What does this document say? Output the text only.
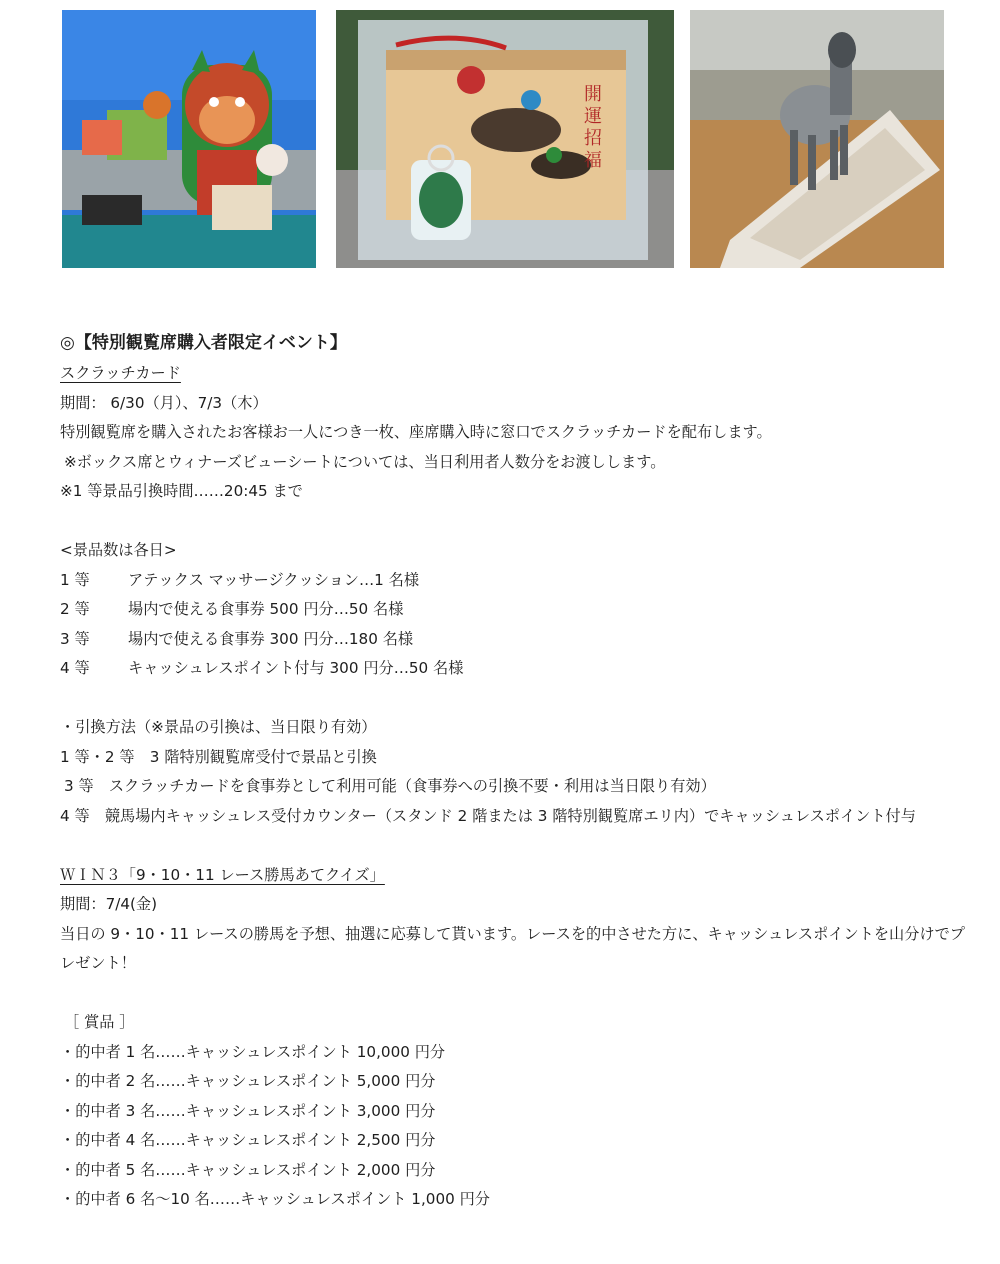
開
運
招
福
◎【特別観覧席購入者限定イベント】
スクラッチカード
期間： 6/30（月）、7/3（木）
特別観覧席を購入されたお客様お一人につき一枚、座席購入時に窓口でスクラッチカードを配布します。
※ボックス席とウィナーズビューシートについては、当日利用者人数分をお渡しします。
※1 等景品引換時間……20:45 まで
<景品数は各日>
1 等	アテックス マッサージクッション…1 名様
2 等	場内で使える食事券 500 円分…50 名様
3 等	場内で使える食事券 300 円分…180 名様
4 等	キャッシュレスポイント付与 300 円分…50 名様
・引換方法（※景品の引換は、当日限り有効）
1 等・2 等　3 階特別観覧席受付で景品と引換
3 等　スクラッチカードを食事券として利用可能（食事券への引換不要・利用は当日限り有効）
4 等　競馬場内キャッシュレス受付カウンター（スタンド 2 階または 3 階特別観覧席エリ内）でキャッシュレスポイント付与
ＷＩＮ３「9・10・11 レース勝馬あてクイズ」
期間：7/4(金)
当日の 9・10・11 レースの勝馬を予想、抽選に応募して貰います。レースを的中させた方に、キャッシュレスポイントを山分けでプレゼント！
［ 賞品 ］
・的中者 1 名……キャッシュレスポイント 10,000 円分
・的中者 2 名……キャッシュレスポイント 5,000 円分
・的中者 3 名……キャッシュレスポイント 3,000 円分
・的中者 4 名……キャッシュレスポイント 2,500 円分
・的中者 5 名……キャッシュレスポイント 2,000 円分
・的中者 6 名〜10 名……キャッシュレスポイント 1,000 円分
